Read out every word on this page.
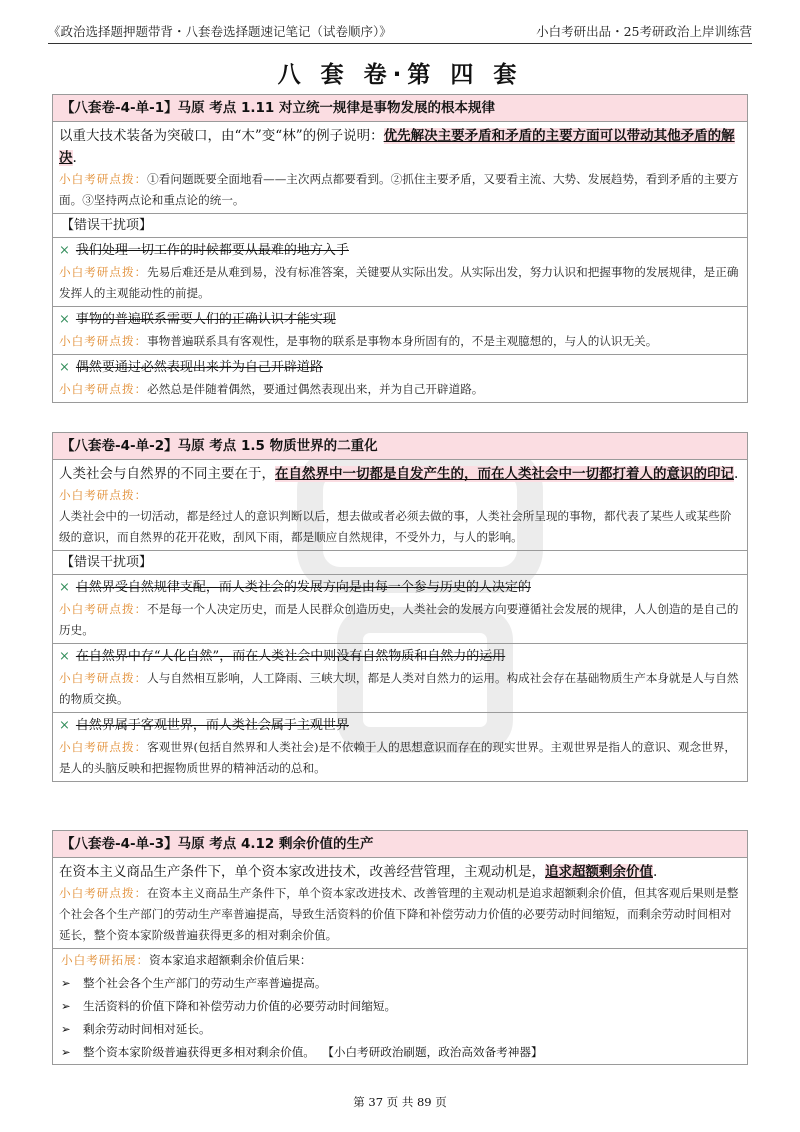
《政治选择题押题带背・八套卷选择题速记笔记（试卷顺序）》	小白考研出品・25考研政治上岸训练营
八 套 卷·第 四 套
【八套卷-4-单-1】马原 考点 1.11 对立统一规律是事物发展的根本规律
以重大技术装备为突破口，由“木”变“林”的例子说明：优先解决主要矛盾和矛盾的主要方面可以带动其他矛盾的解决.
小白考研点拨：①看问题既要全面地看——主次两点都要看到。②抓住主要矛盾，又要看主流、大势、发展趋势，看到矛盾的主要方面。③坚持两点论和重点论的统一。
【错误干扰项】
× 我们处理一切工作的时候都要从最难的地方入手
小白考研点拨：先易后难还是从难到易，没有标准答案，关键要从实际出发。从实际出发，努力认识和把握事物的发展规律，是正确发挥人的主观能动性的前提。
× 事物的普遍联系需要人们的正确认识才能实现
小白考研点拨：事物普遍联系具有客观性，是事物的联系是事物本身所固有的，不是主观臆想的，与人的认识无关。
× 偶然要通过必然表现出来并为自己开辟道路
小白考研点拨：必然总是伴随着偶然，要通过偶然表现出来，并为自己开辟道路。
【八套卷-4-单-2】马原 考点 1.5 物质世界的二重化
人类社会与自然界的不同主要在于，在自然界中一切都是自发产生的，而在人类社会中一切都打着人的意识的印记.
小白考研点拨：
人类社会中的一切活动，都是经过人的意识判断以后，想去做或者必须去做的事，人类社会所呈现的事物，都代表了某些人或某些阶级的意识，而自然界的花开花败，刮风下雨，都是顺应自然规律，不受外力，与人的影响。
【错误干扰项】
× 自然界受自然规律支配，而人类社会的发展方向是由每一个参与历史的人决定的
小白考研点拨：不是每一个人决定历史，而是人民群众创造历史，人类社会的发展方向要遵循社会发展的规律，人人创造的是自己的历史。
× 在自然界中存“人化自然”，而在人类社会中则没有自然物质和自然力的运用
小白考研点拨：人与自然相互影响，人工降雨、三峡大坝，都是人类对自然力的运用。构成社会存在基础物质生产本身就是人与自然的物质交换。
× 自然界属于客观世界，而人类社会属于主观世界
小白考研点拨：客观世界(包括自然界和人类社会)是不依赖于人的思想意识而存在的现实世界。主观世界是指人的意识、观念世界，是人的头脑反映和把握物质世界的精神活动的总和。
【八套卷-4-单-3】马原 考点 4.12 剩余价值的生产
在资本主义商品生产条件下，单个资本家改进技术，改善经营管理，主观动机是，追求超额剩余价值.
小白考研点拨：在资本主义商品生产条件下，单个资本家改进技术、改善管理的主观动机是追求超额剩余价值，但其客观后果则是整个社会各个生产部门的劳动生产率普遍提高，导致生活资料的价值下降和补偿劳动力价值的必要劳动时间缩短，而剩余劳动时间相对延长，整个资本家阶级普遍获得更多的相对剩余价值。
小白考研拓展：资本家追求超额剩余价值后果：
➢ 整个社会各个生产部门的劳动生产率普遍提高。
➢ 生活资料的价值下降和补偿劳动力价值的必要劳动时间缩短。
➢ 剩余劳动时间相对延长。
➢ 整个资本家阶级普遍获得更多相对剩余价值。 【小白考研政治刷题，政治高效备考神器】
第 37 页 共 89 页
